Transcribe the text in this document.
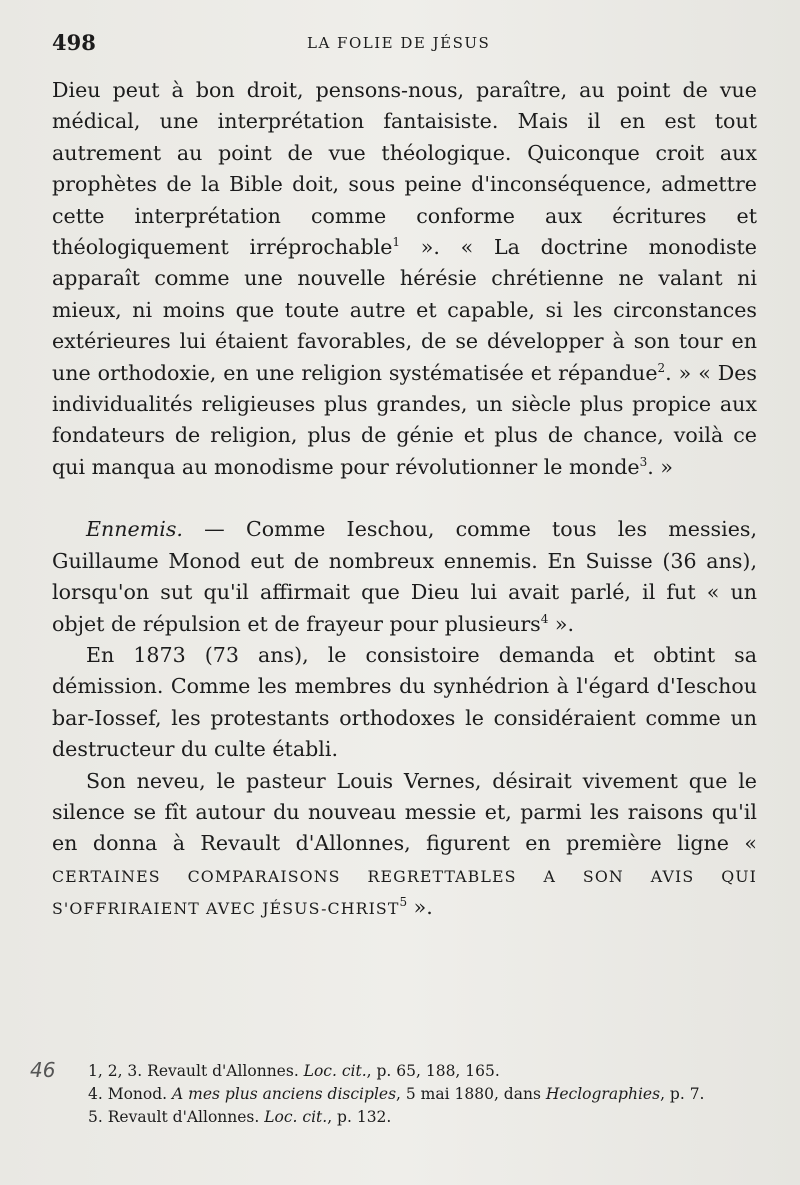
498	LA FOLIE DE JÉSUS

Dieu peut à bon droit, pensons-nous, paraître, au point de vue médical, une interprétation fantaisiste. Mais il en est tout autrement au point de vue théologique. Quiconque croit aux prophètes de la Bible doit, sous peine d'inconséquence, admettre cette interprétation comme conforme aux écritures et théologiquement irréprochable$^1$ ». « La doctrine monodiste apparaît comme une nouvelle hérésie chrétienne ne valant ni mieux, ni moins que toute autre et capable, si les circonstances extérieures lui étaient favorables, de se développer à son tour en une orthodoxie, en une religion systématisée et répandue$^2$. » « Des individualités religieuses plus grandes, un siècle plus propice aux fondateurs de religion, plus de génie et plus de chance, voilà ce qui manqua au monodisme pour révolutionner le monde$^3$. »

Ennemis. — Comme Ieschou, comme tous les messies, Guillaume Monod eut de nombreux ennemis. En Suisse (36 ans), lorsqu'on sut qu'il affirmait que Dieu lui avait parlé, il fut « un objet de répulsion et de frayeur pour plusieurs$^4$ ».

En 1873 (73 ans), le consistoire demanda et obtint sa démission. Comme les membres du synhédrion à l'égard d'Ieschou bar-Iossef, les protestants orthodoxes le considéraient comme un destructeur du culte établi.

Son neveu, le pasteur Louis Vernes, désirait vivement que le silence se fît autour du nouveau messie et, parmi les raisons qu'il en donna à Revault d'Allonnes, figurent en première ligne « CERTAINES COMPARAISONS REGRETTABLES A SON AVIS QUI S'OFFRIRAIENT AVEC JÉSUS-CHRIST$^5$ ».

46	1, 2, 3. Revault d'Allonnes. Loc. cit., p. 65, 188, 165.

4. Monod. A mes plus anciens disciples, 5 mai 1880, dans Heclographies, p. 7.

5. Revault d'Allonnes. Loc. cit., p. 132.
